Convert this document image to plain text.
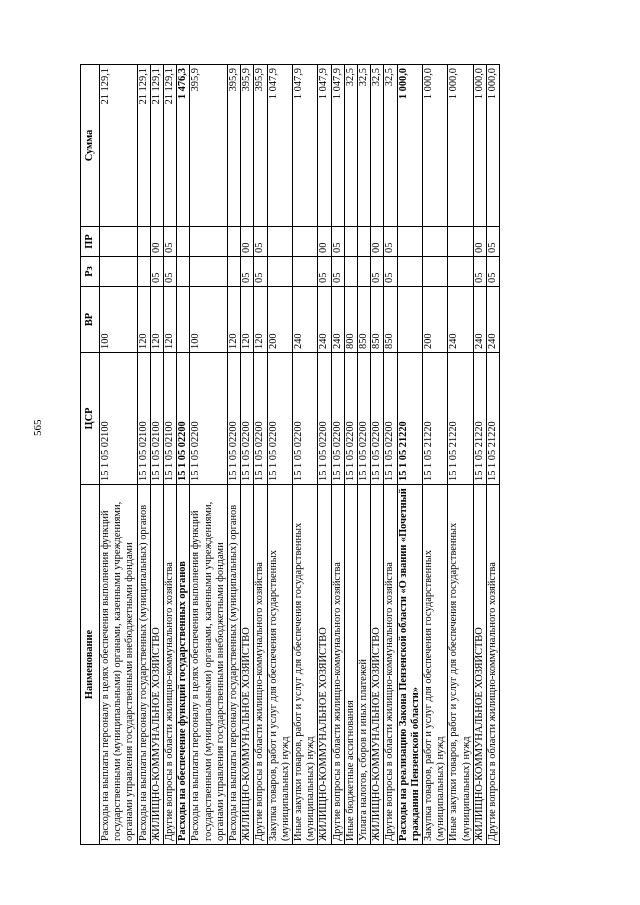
565
Наименование	ЦСР	ВР	Рз	ПР	Сумма
Расходы на выплаты персоналу в целях обеспечения выполнения функций государственными (муниципальными) органами, казенными учреждениями, органами управления государственными внебюджетными фондами	15 1 05 02100	100			21 129,1
Расходы на выплаты персоналу государственных (муниципальных) органов	15 1 05 02100	120			21 129,1
ЖИЛИЩНО-КОММУНАЛЬНОЕ ХОЗЯЙСТВО	15 1 05 02100	120	05	00	21 129,1
Другие вопросы в области жилищно-коммунального хозяйства	15 1 05 02100	120	05	05	21 129,1
Расходы на обеспечение функций государственных органов	15 1 05 02200				1 476,3
Расходы на выплаты персоналу в целях обеспечения выполнения функций государственными (муниципальными) органами, казенными учреждениями, органами управления государственными внебюджетными фондами	15 1 05 02200	100			395,9
Расходы на выплаты персоналу государственных (муниципальных) органов	15 1 05 02200	120			395,9
ЖИЛИЩНО-КОММУНАЛЬНОЕ ХОЗЯЙСТВО	15 1 05 02200	120	05	00	395,9
Другие вопросы в области жилищно-коммунального хозяйства	15 1 05 02200	120	05	05	395,9
Закупка товаров, работ и услуг для обеспечения государственных (муниципальных) нужд	15 1 05 02200	200			1 047,9
Иные закупки товаров, работ и услуг для обеспечения государственных (муниципальных) нужд	15 1 05 02200	240			1 047,9
ЖИЛИЩНО-КОММУНАЛЬНОЕ ХОЗЯЙСТВО	15 1 05 02200	240	05	00	1 047,9
Другие вопросы в области жилищно-коммунального хозяйства	15 1 05 02200	240	05	05	1 047,9
Иные бюджетные ассигнования	15 1 05 02200	800			32,5
Уплата налогов, сборов и иных платежей	15 1 05 02200	850			32,5
ЖИЛИЩНО-КОММУНАЛЬНОЕ ХОЗЯЙСТВО	15 1 05 02200	850	05	00	32,5
Другие вопросы в области жилищно-коммунального хозяйства	15 1 05 02200	850	05	05	32,5
Расходы на реализацию Закона Пензенской области «О звании «Почетный гражданин Пензенской области»	15 1 05 21220				1 000,0
Закупка товаров, работ и услуг для обеспечения государственных (муниципальных) нужд	15 1 05 21220	200			1 000,0
Иные закупки товаров, работ и услуг для обеспечения государственных (муниципальных) нужд	15 1 05 21220	240			1 000,0
ЖИЛИЩНО-КОММУНАЛЬНОЕ ХОЗЯЙСТВО	15 1 05 21220	240	05	00	1 000,0
Другие вопросы в области жилищно-коммунального хозяйства	15 1 05 21220	240	05	05	1 000,0
